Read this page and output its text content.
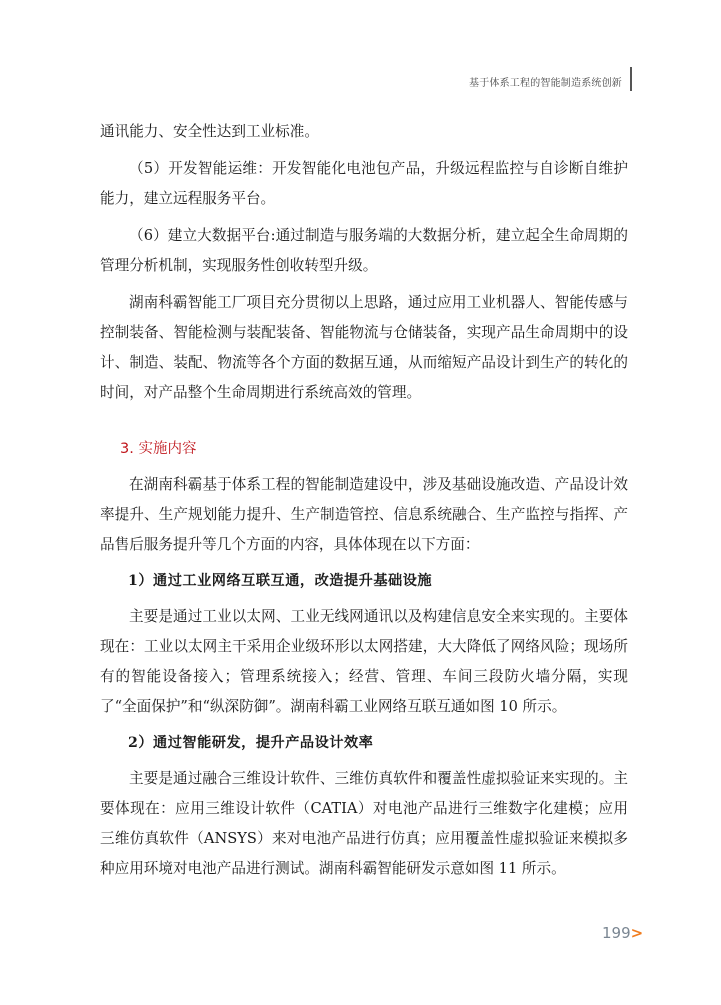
基于体系工程的智能制造系统创新

通讯能力、安全性达到工业标准。

（5）开发智能运维：开发智能化电池包产品，升级远程监控与自诊断自维护能力，建立远程服务平台。

（6）建立大数据平台:通过制造与服务端的大数据分析，建立起全生命周期的管理分析机制，实现服务性创收转型升级。

湖南科霸智能工厂项目充分贯彻以上思路，通过应用工业机器人、智能传感与控制装备、智能检测与装配装备、智能物流与仓储装备，实现产品生命周期中的设计、制造、装配、物流等各个方面的数据互通，从而缩短产品设计到生产的转化的时间，对产品整个生命周期进行系统高效的管理。

3. 实施内容

在湖南科霸基于体系工程的智能制造建设中，涉及基础设施改造、产品设计效率提升、生产规划能力提升、生产制造管控、信息系统融合、生产监控与指挥、产品售后服务提升等几个方面的内容，具体体现在以下方面：

1）通过工业网络互联互通，改造提升基础设施

主要是通过工业以太网、工业无线网通讯以及构建信息安全来实现的。主要体现在：工业以太网主干采用企业级环形以太网搭建，大大降低了网络风险；现场所有的智能设备接入；管理系统接入；经营、管理、车间三段防火墙分隔，实现了“全面保护”和“纵深防御”。湖南科霸工业网络互联互通如图 10 所示。

2）通过智能研发，提升产品设计效率

主要是通过融合三维设计软件、三维仿真软件和覆盖性虚拟验证来实现的。主要体现在：应用三维设计软件（CATIA）对电池产品进行三维数字化建模；应用三维仿真软件（ANSYS）来对电池产品进行仿真；应用覆盖性虚拟验证来模拟多种应用环境对电池产品进行测试。湖南科霸智能研发示意如图 11 所示。

199>
